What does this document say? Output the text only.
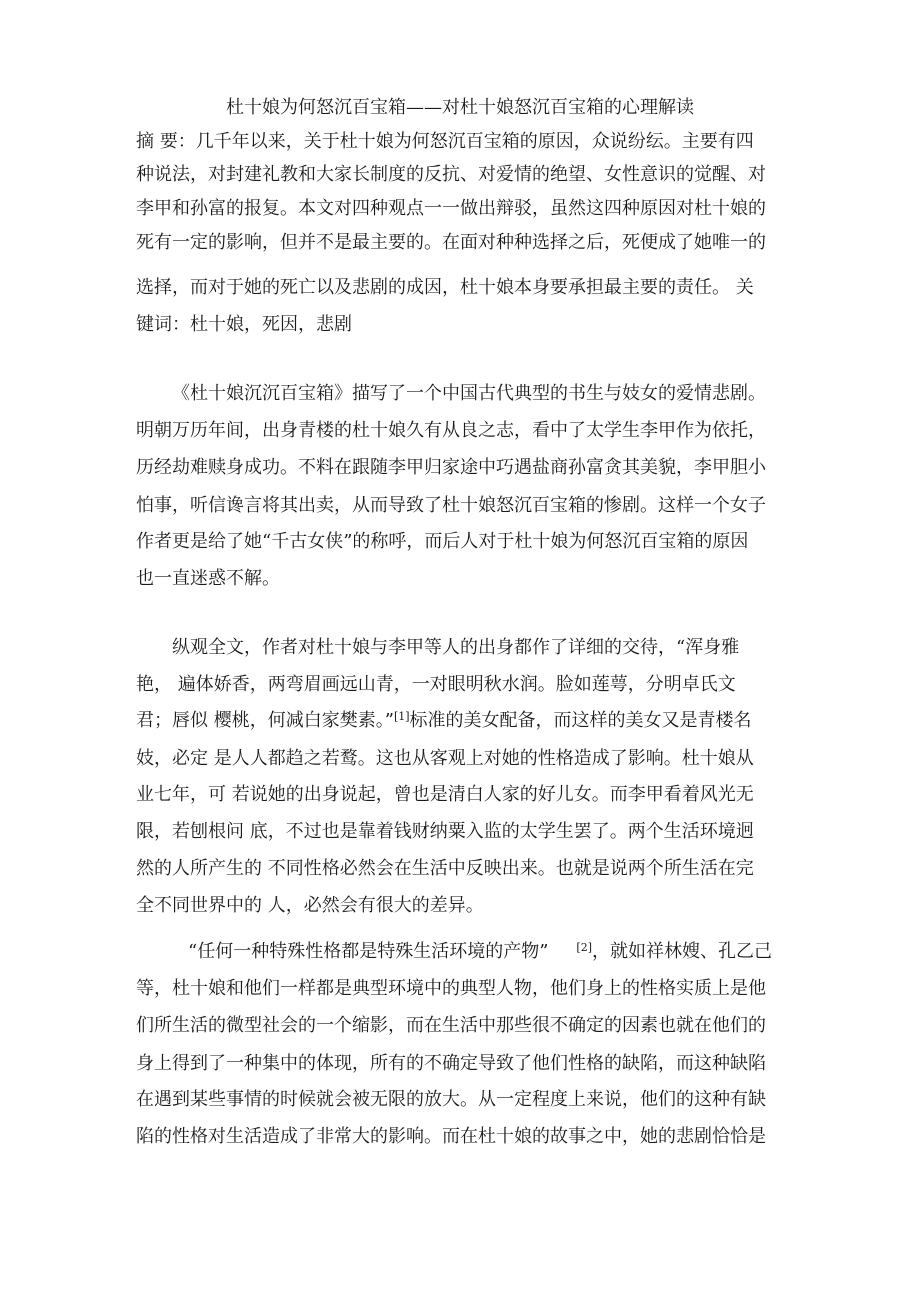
杜十娘为何怒沉百宝箱——对杜十娘怒沉百宝箱的心理解读
摘 要：几千年以来，关于杜十娘为何怒沉百宝箱的原因，众说纷纭。主要有四
种说法，对封建礼教和大家长制度的反抗、对爱情的绝望、女性意识的觉醒、对
李甲和孙富的报复。本文对四种观点一一做出辩驳，虽然这四种原因对杜十娘的
死有一定的影响，但并不是最主要的。在面对种种选择之后，死便成了她唯一的
选择，而对于她的死亡以及悲剧的成因，杜十娘本身要承担最主要的责任。 关
键词：杜十娘，死因，悲剧
《杜十娘沉沉百宝箱》描写了一个中国古代典型的书生与妓女的爱情悲剧。
明朝万历年间，出身青楼的杜十娘久有从良之志，看中了太学生李甲作为依托，
历经劫难赎身成功。不料在跟随李甲归家途中巧遇盐商孙富贪其美貌，李甲胆小
怕事，听信谗言将其出卖，从而导致了杜十娘怒沉百宝箱的惨剧。这样一个女子
作者更是给了她“千古女侠”的称呼，而后人对于杜十娘为何怒沉百宝箱的原因
也一直迷惑不解。
纵观全文，作者对杜十娘与李甲等人的出身都作了详细的交待，“浑身雅
艳， 遍体娇香，两弯眉画远山青，一对眼明秋水润。脸如莲萼，分明卓氏文
君；唇似 樱桃，何减白家樊素。”[1]标准的美女配备，而这样的美女又是青楼名
妓，必定 是人人都趋之若鹜。这也从客观上对她的性格造成了影响。杜十娘从
业七年，可 若说她的出身说起，曾也是清白人家的好儿女。而李甲看着风光无
限，若刨根问 底，不过也是靠着钱财纳粟入监的太学生罢了。两个生活环境迥
然的人所产生的 不同性格必然会在生活中反映出来。也就是说两个所生活在完
全不同世界中的 人，必然会有很大的差异。
“任何一种特殊性格都是特殊生活环境的产物”	[2]，就如祥林嫂、孔乙己
等，杜十娘和他们一样都是典型环境中的典型人物，他们身上的性格实质上是他
们所生活的微型社会的一个缩影，而在生活中那些很不确定的因素也就在他们的
身上得到了一种集中的体现，所有的不确定导致了他们性格的缺陷，而这种缺陷
在遇到某些事情的时候就会被无限的放大。从一定程度上来说，他们的这种有缺
陷的性格对生活造成了非常大的影响。而在杜十娘的故事之中，她的悲剧恰恰是
